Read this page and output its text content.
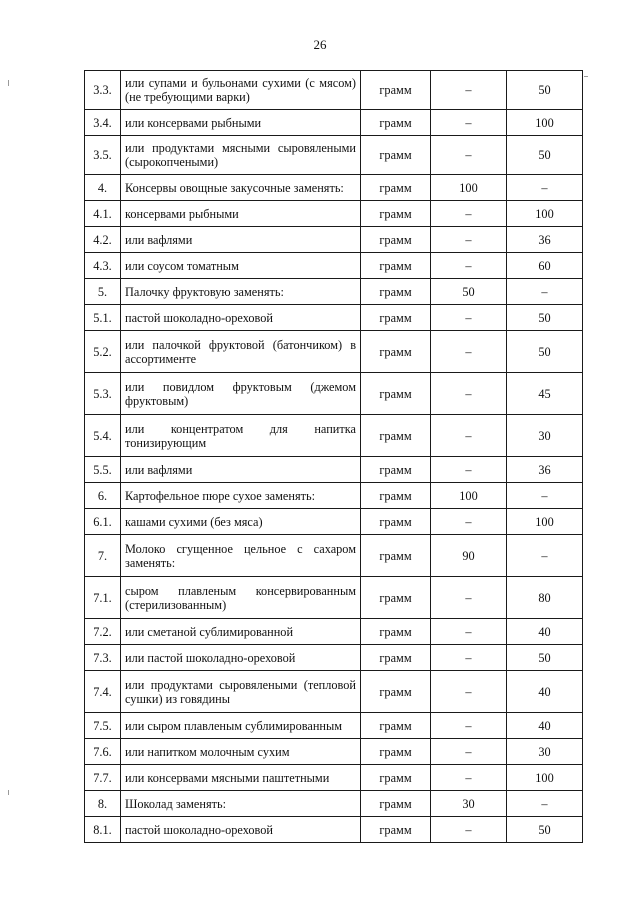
26
3.3.	или супами и бульонами сухими (с мясом) (не требующими варки)	грамм	–	50
3.4.	или консервами рыбными	грамм	–	100
3.5.	или продуктами мясными сыровялеными (сырокопчеными)	грамм	–	50
4.	Консервы овощные закусочные заменять:	грамм	100	–
4.1.	консервами рыбными	грамм	–	100
4.2.	или вафлями	грамм	–	36
4.3.	или соусом томатным	грамм	–	60
5.	Палочку фруктовую заменять:	грамм	50	–
5.1.	пастой шоколадно-ореховой	грамм	–	50
5.2.	или палочкой фруктовой (батончиком) в ассортименте	грамм	–	50
5.3.	или повидлом фруктовым (джемом фруктовым)	грамм	–	45
5.4.	или концентратом для напитка тонизирующим	грамм	–	30
5.5.	или вафлями	грамм	–	36
6.	Картофельное пюре сухое заменять:	грамм	100	–
6.1.	кашами сухими (без мяса)	грамм	–	100
7.	Молоко сгущенное цельное с сахаром заменять:	грамм	90	–
7.1.	сыром плавленым консервированным (стерилизованным)	грамм	–	80
7.2.	или сметаной сублимированной	грамм	–	40
7.3.	или пастой шоколадно-ореховой	грамм	–	50
7.4.	или продуктами сыровялеными (тепловой сушки) из говядины	грамм	–	40
7.5.	или сыром плавленым сублимированным	грамм	–	40
7.6.	или напитком молочным сухим	грамм	–	30
7.7.	или консервами мясными паштетными	грамм	–	100
8.	Шоколад заменять:	грамм	30	–
8.1.	пастой шоколадно-ореховой	грамм	–	50
